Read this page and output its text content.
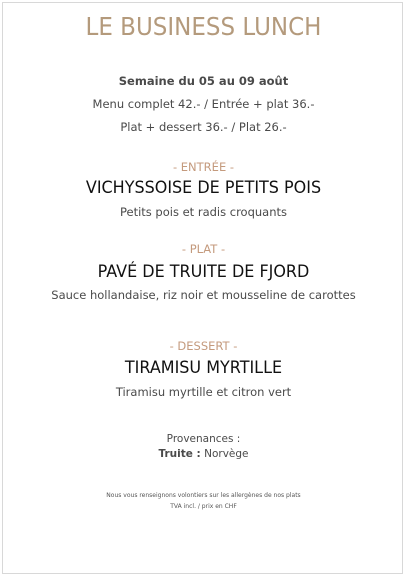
LE BUSINESS LUNCH
Semaine du 05 au 09 août
Menu complet 42.- / Entrée + plat 36.-
Plat + dessert 36.- / Plat 26.-
- ENTRÉE -
VICHYSSOISE DE PETITS POIS
Petits pois et radis croquants
- PLAT -
PAVÉ DE TRUITE DE FJORD
Sauce hollandaise, riz noir et mousseline de carottes
- DESSERT -
TIRAMISU MYRTILLE
Tiramisu myrtille et citron vert
Provenances :
Truite : Norvège
Nous vous renseignons volontiers sur les allergènes de nos plats
TVA incl. / prix en CHF
